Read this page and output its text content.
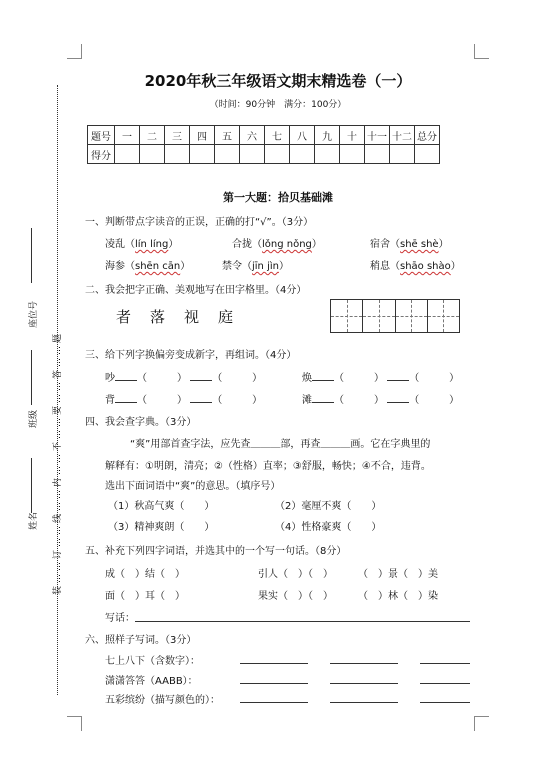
装……订……线……内……不……要……答……题
座位号
班级
姓名
2020年秋三年级语文期末精选卷（一）
（时间：90分钟　满分：100分）
题号	一	二	三	四	五	六	七	八	九	十	十一	十二	总分
得分													
第一大题：拾贝基础滩
一、判断带点字读音的正误，正确的打“√”。（3分）
凌乱（lín líng）	合拢（lǒng nǒng）	宿舍（shē shè）
海参（shēn cān）	禁令（jīn jìn）	稍息（shāo shào）
二、我会把字正确、美观地写在田字格里。（4分）
者　落　视　庭
三、给下列字换偏旁变成新字，再组词。（4分）
吵 （　　　） （　　　）	焕 （　　　） （　　　）
背 （　　　） （　　　）	滩 （　　　） （　　　）
四、我会查字典。（3分）
“爽”用部首查字法，应先查＿＿＿部，再查＿＿＿画。它在字典里的
解释有：①明朗，清亮；②（性格）直率；③舒服，畅快；④不合，违背。
选出下面词语中“爽”的意思。（填序号）
（1）秋高气爽（　　）	（2）毫厘不爽（　　）
（3）精神爽朗（　　）	（4）性格豪爽（　　）
五、补充下列四字词语，并选其中的一个写一句话。（8分）
成（　）结（　）	引人（　）（　）	（　）景（　）美
面（　）耳（　）	果实（　）（　）	（　）林（　）染
写话：
六、照样子写词。（3分）
七上八下（含数字）：
潇潇答答（AABB）：
五彩缤纷（描写颜色的）：
